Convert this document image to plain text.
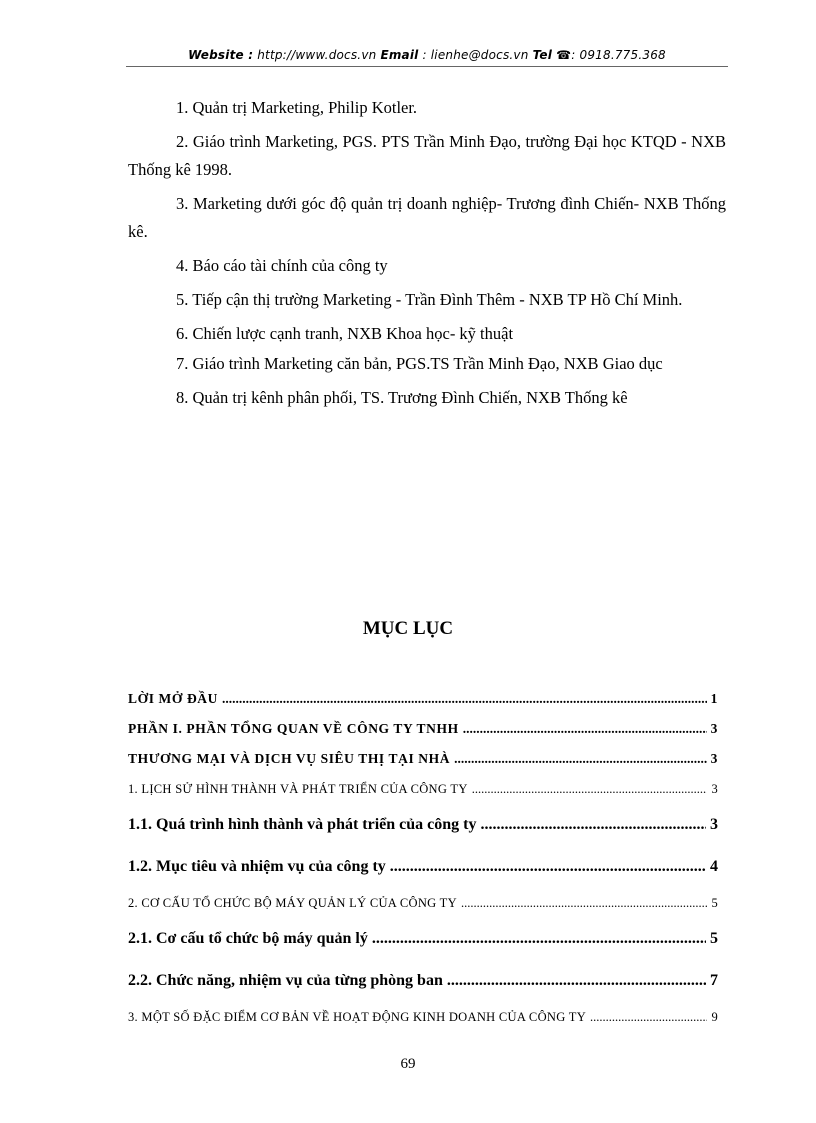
Website : http://www.docs.vn Email : lienhe@docs.vn Tel ☎: 0918.775.368

1. Quản trị Marketing, Philip Kotler.

2. Giáo trình Marketing, PGS. PTS Trần Minh Đạo, trường Đại học KTQD - NXB Thống kê 1998.

3. Marketing dưới góc độ quản trị doanh nghiệp- Trương đình Chiến- NXB Thống kê.

4. Báo cáo tài chính của công ty

5. Tiếp cận thị trường Marketing - Trần Đình Thêm - NXB TP Hồ Chí Minh.

6. Chiến lược cạnh tranh, NXB Khoa học- kỹ thuật

7. Giáo trình Marketing căn bản, PGS.TS Trần Minh Đạo, NXB Giao dục

8. Quản trị kênh phân phối, TS. Trương Đình Chiến, NXB Thống kê

MỤC LỤC
LỜI MỞ ĐẦU .....	1
PHẦN I. PHẦN TỔNG QUAN VỀ CÔNG TY TNHH .....	3
THƯƠNG MẠI VÀ DỊCH VỤ SIÊU THỊ TẠI NHÀ .....	3
1. LỊCH SỬ HÌNH THÀNH VÀ PHÁT TRIỂN CỦA CÔNG TY .....	3
1.1. Quá trình hình thành và phát triển của công ty .....	3
1.2. Mục tiêu và nhiệm vụ của công ty .....	4
2. CƠ CẤU TỔ CHỨC BỘ MÁY QUẢN LÝ CỦA CÔNG TY .....	5
2.1. Cơ cấu tổ chức bộ máy quản lý .....	5
2.2. Chức năng, nhiệm vụ của từng phòng ban .....	7
3. MỘT SỐ ĐẶC ĐIỂM CƠ BẢN VỀ HOẠT ĐỘNG KINH DOANH CỦA CÔNG TY .....	9
69
